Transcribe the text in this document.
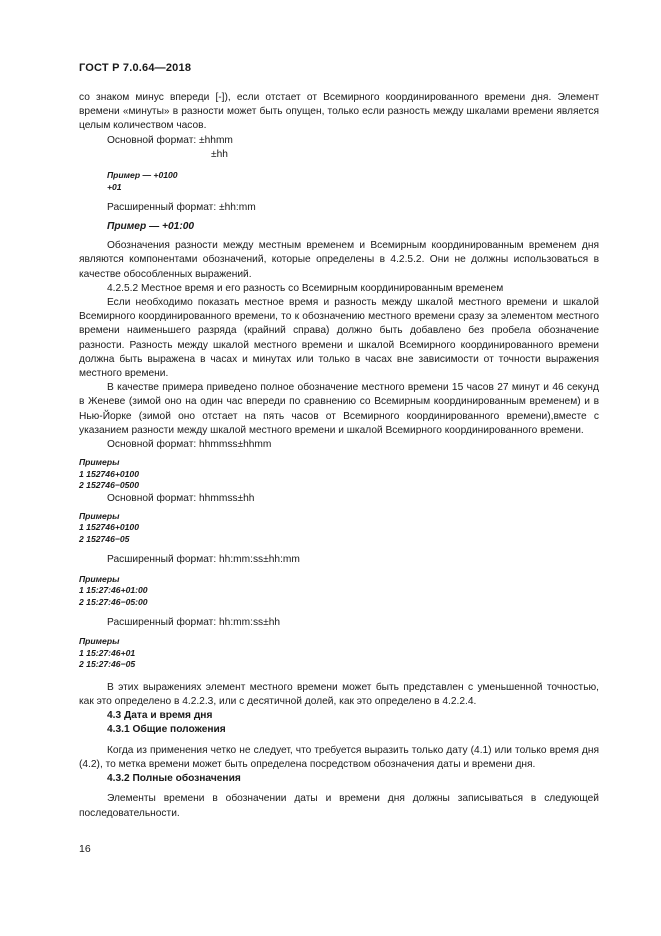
ГОСТ Р 7.0.64—2018

со знаком минус впереди [-]), если отстает от Всемирного координированного времени дня. Элемент времени «минуты» в разности может быть опущен, только если разность между шкалами времени является целым количеством часов.

Основной формат: ±hhmm

±hh

Пример — +0100

+01

Расширенный формат: ±hh:mm

Пример — +01:00

Обозначения разности между местным временем и Всемирным координированным временем дня являются компонентами обозначений, которые определены в 4.2.5.2. Они не должны использоваться в качестве обособленных выражений.

4.2.5.2 Местное время и его разность со Всемирным координированным временем

Если необходимо показать местное время и разность между шкалой местного времени и шкалой Всемирного координированного времени, то к обозначению местного времени сразу за элементом местного времени наименьшего разряда (крайний справа) должно быть добавлено без пробела обозначение разности. Разность между шкалой местного времени и шкалой Всемирного координированного времени должна быть выражена в часах и минутах или только в часах вне зависимости от точности выражения местного времени.

В качестве примера приведено полное обозначение местного времени 15 часов 27 минут и 46 секунд в Женеве (зимой оно на один час впереди по сравнению со Всемирным координированным временем) и в Нью-Йорке (зимой оно отстает на пять часов от Всемирного координированного времени),вместе с указанием разности между шкалой местного времени и шкалой Всемирного координированного времени.

Основной формат: hhmmss±hhmm

Примеры

1 152746+0100

2 152746−0500

Основной формат: hhmmss±hh

Примеры

1 152746+0100

2 152746−05

Расширенный формат: hh:mm:ss±hh:mm

Примеры

1 15:27:46+01:00

2 15:27:46−05:00

Расширенный формат: hh:mm:ss±hh

Примеры

1 15:27:46+01

2 15:27:46−05

В этих выражениях элемент местного времени может быть представлен с уменьшенной точностью, как это определено в 4.2.2.3, или с десятичной долей, как это определено в 4.2.2.4.

4.3 Дата и время дня

4.3.1 Общие положения

Когда из применения четко не следует, что требуется выразить только дату (4.1) или только время дня (4.2), то метка времени может быть определена посредством обозначения даты и времени дня.

4.3.2 Полные обозначения

Элементы времени в обозначении даты и времени дня должны записываться в следующей последовательности.

16
